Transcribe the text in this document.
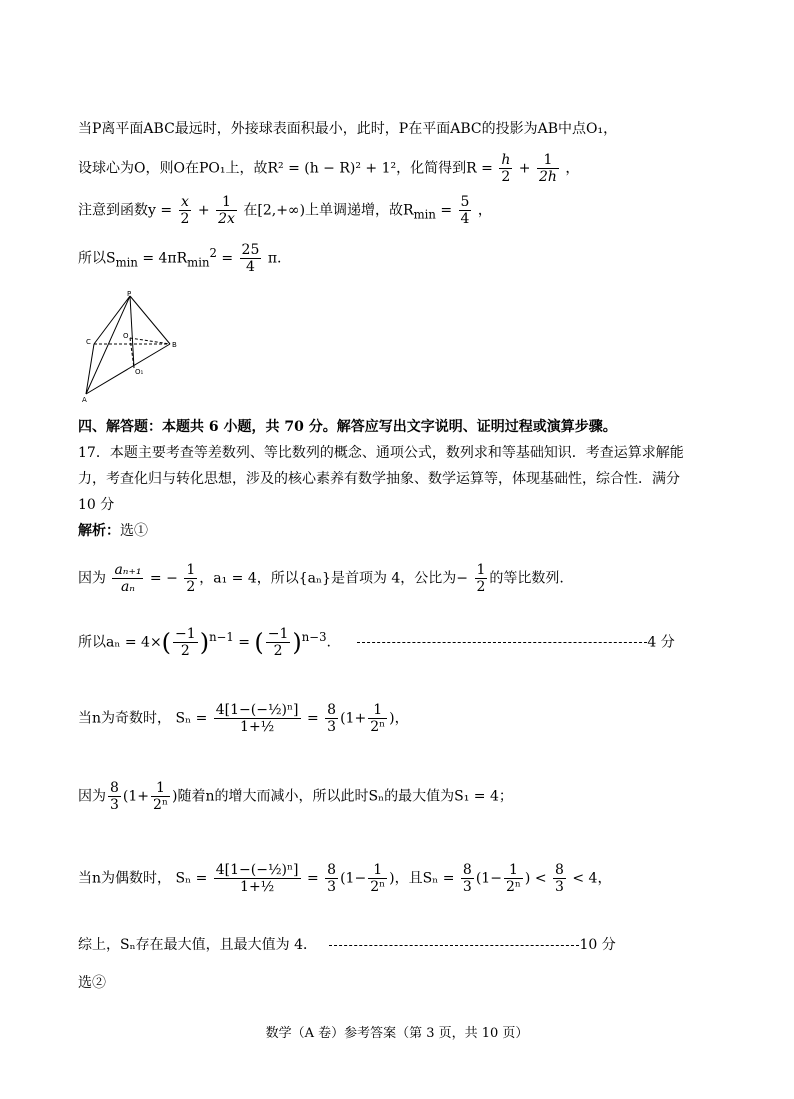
当P离平面ABC最远时，外接球表面积最小，此时，P在平面ABC的投影为AB中点O₁，
设球心为O，则O在PO₁上，故R² = (h − R)² + 1²，化简得到$R = \frac{h}{2} + \frac{1}{2h}$ ，
注意到函数$y = \frac{x}{2} + \frac{1}{2x}$ 在[2,+∞)上单调递增，故$R_{min} = \frac{5}{4}$ ，
所以$S_{min} = 4\pi R_{min}^2 = \frac{25}{4} \pi$.
P
C
O
B
O₁
A
四、解答题：本题共 6 小题，共 70 分。解答应写出文字说明、证明过程或演算步骤。
17．本题主要考查等差数列、等比数列的概念、通项公式，数列求和等基础知识．考查运算求解能
力，考查化归与转化思想，涉及的核心素养有数学抽象、数学运算等，体现基础性，综合性．满分
10 分
解析：选①
因为 $\frac{\text{aₙ₊₁}}{\text{aₙ}}$ = − $\frac{1}{2}$ ，a₁ = 4，所以{aₙ}是首项为 4，公比为− $\frac{1}{2}$ 的等比数列.
所以$a_n = 4\times( \frac{-1}{2} )^{n-1}$ = ( $\frac{-1}{2} )^{n-3}$.	4 分
当n为奇数时， $S_n = \frac{\text{4[1−(−½)ⁿ]}}{\text{1+½}} = \frac{8}{3} (1+ \frac{1}{\text{2ⁿ}}$ )，
因为 $\frac{8}{3} (1+ \frac{1}{\text{2ⁿ}}$ )随着n的增大而减小，所以此时Sₙ的最大值为S₁ = 4；
当n为偶数时， $S_n = \frac{\text{4[1−(−½)ⁿ]}}{\text{1+½}} = \frac{8}{3} (1- \frac{1}{\text{2ⁿ}}$ )，且$S_n = \frac{8}{3} (1- \frac{1}{\text{2ⁿ}}$ ) < $\frac{8}{3} < 4$，
综上，Sₙ存在最大值，且最大值为 4．	10 分
选②
数学（A 卷）参考答案（第 3 页，共 10 页）
